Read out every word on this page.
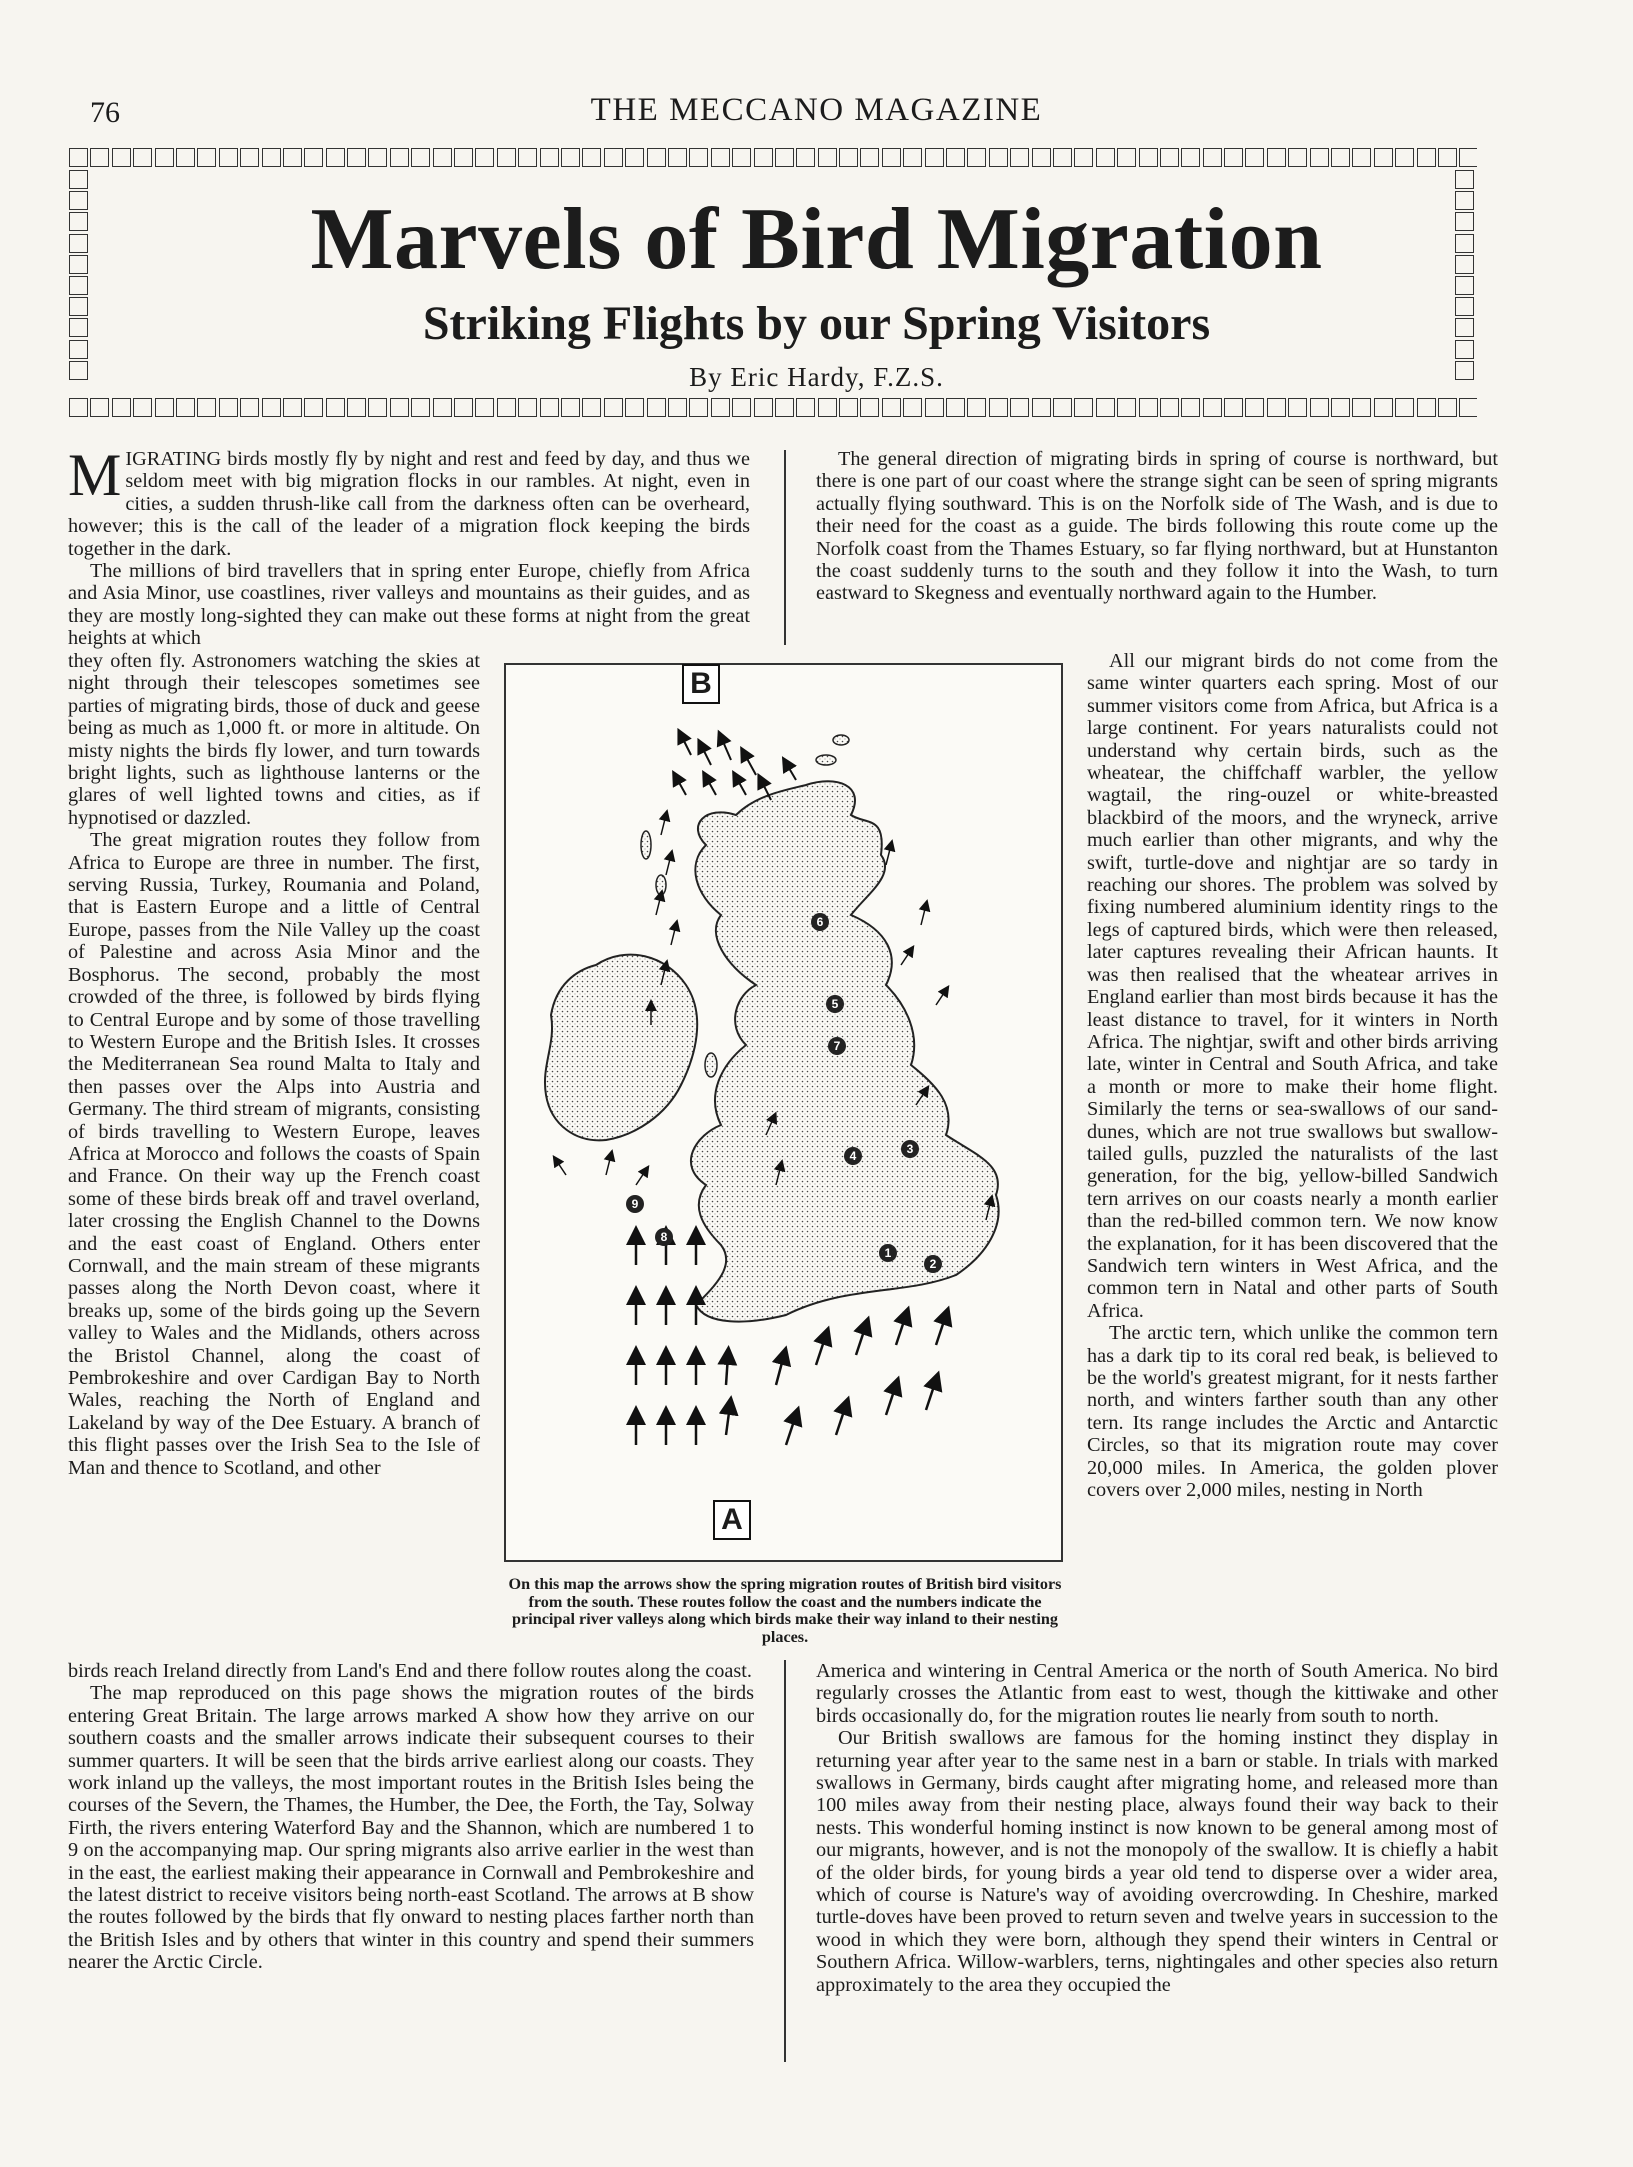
76	THE MECCANO MAGAZINE
Marvels of Bird Migration
Striking Flights by our Spring Visitors
By Eric Hardy, F.Z.S.

MIGRATING birds mostly fly by night and rest and feed by day, and thus we seldom meet with big migration flocks in our rambles. At night, even in cities, a sudden thrush-like call from the darkness often can be overheard, however; this is the call of the leader of a migration flock keeping the birds together in the dark.

The millions of bird travellers that in spring enter Europe, chiefly from Africa and Asia Minor, use coastlines, river valleys and mountains as their guides, and as they are mostly long-sighted they can make out these forms at night from the great heights at which

they often fly. Astronomers watching the skies at night through their telescopes sometimes see parties of migrating birds, those of duck and geese being as much as 1,000 ft. or more in altitude. On misty nights the birds fly lower, and turn towards bright lights, such as lighthouse lanterns or the glares of well lighted towns and cities, as if hypnotised or dazzled.

The great migration routes they follow from Africa to Europe are three in number. The first, serving Russia, Turkey, Roumania and Poland, that is Eastern Europe and a little of Central Europe, passes from the Nile Valley up the coast of Palestine and across Asia Minor and the Bosphorus. The second, probably the most crowded of the three, is followed by birds flying to Central Europe and by some of those travelling to Western Europe and the British Isles. It crosses the Mediterranean Sea round Malta to Italy and then passes over the Alps into Austria and Germany. The third stream of migrants, consisting of birds travelling to Western Europe, leaves Africa at Morocco and follows the coasts of Spain and France. On their way up the French coast some of these birds break off and travel overland, later crossing the English Channel to the Downs and the east coast of England. Others enter Cornwall, and the main stream of these migrants passes along the North Devon coast, where it breaks up, some of the birds going up the Severn valley to Wales and the Midlands, others across the Bristol Channel, along the coast of Pembrokeshire and over Cardigan Bay to North Wales, reaching the North of England and Lakeland by way of the Dee Estuary. A branch of this flight passes over the Irish Sea to the Isle of Man and thence to Scotland, and other

birds reach Ireland directly from Land's End and there follow routes along the coast.

The map reproduced on this page shows the migration routes of the birds entering Great Britain. The large arrows marked A show how they arrive on our southern coasts and the smaller arrows indicate their subsequent courses to their summer quarters. It will be seen that the birds arrive earliest along our coasts. They work inland up the valleys, the most important routes in the British Isles being the courses of the Severn, the Thames, the Humber, the Dee, the Forth, the Tay, Solway Firth, the rivers entering Waterford Bay and the Shannon, which are numbered 1 to 9 on the accompanying map. Our spring migrants also arrive earlier in the west than in the east, the earliest making their appearance in Cornwall and Pembrokeshire and the latest district to receive visitors being north-east Scotland. The arrows at B show the routes followed by the birds that fly onward to nesting places farther north than the British Isles and by others that winter in this country and spend their summers nearer the Arctic Circle.

The general direction of migrating birds in spring of course is northward, but there is one part of our coast where the strange sight can be seen of spring migrants actually flying southward. This is on the Norfolk side of The Wash, and is due to their need for the coast as a guide. The birds following this route come up the Norfolk coast from the Thames Estuary, so far flying northward, but at Hunstanton the coast suddenly turns to the south and they follow it into the Wash, to turn eastward to Skegness and eventually northward again to the Humber.

All our migrant birds do not come from the same winter quarters each spring. Most of our summer visitors come from Africa, but Africa is a large continent. For years naturalists could not understand why certain birds, such as the wheatear, the chiffchaff warbler, the yellow wagtail, the ring-ouzel or white-breasted blackbird of the moors, and the wryneck, arrive much earlier than other migrants, and why the swift, turtle-dove and nightjar are so tardy in reaching our shores. The problem was solved by fixing numbered aluminium identity rings to the legs of captured birds, which were then released, later captures revealing their African haunts. It was then realised that the wheatear arrives in England earlier than most birds because it has the least distance to travel, for it winters in North Africa. The nightjar, swift and other birds arriving late, winter in Central and South Africa, and take a month or more to make their home flight. Similarly the terns or sea-swallows of our sand-dunes, which are not true swallows but swallow-tailed gulls, puzzled the naturalists of the last generation, for the big, yellow-billed Sandwich tern arrives on our coasts nearly a month earlier than the red-billed common tern. We now know the explanation, for it has been discovered that the Sandwich tern winters in West Africa, and the common tern in Natal and other parts of South Africa.

The arctic tern, which unlike the common tern has a dark tip to its coral red beak, is believed to be the world's greatest migrant, for it nests farther north, and winters farther south than any other tern. Its range includes the Arctic and Antarctic Circles, so that its migration route may cover 20,000 miles. In America, the golden plover covers over 2,000 miles, nesting in North

America and wintering in Central America or the north of South America. No bird regularly crosses the Atlantic from east to west, though the kittiwake and other birds occasionally do, for the migration routes lie nearly from south to north.

Our British swallows are famous for the homing instinct they display in returning year after year to the same nest in a barn or stable. In trials with marked swallows in Germany, birds caught after migrating home, and released more than 100 miles away from their nesting place, always found their way back to their nests. This wonderful homing instinct is now known to be general among most of our migrants, however, and is not the monopoly of the swallow. It is chiefly a habit of the older birds, for young birds a year old tend to disperse over a wider area, which of course is Nature's way of avoiding overcrowding. In Cheshire, marked turtle-doves have been proved to return seven and twelve years in succession to the wood in which they were born, although they spend their winters in Central or Southern Africa. Willow-warblers, terns, nightingales and other species also return approximately to the area they occupied the

B
A
1
2
3
4
5
6
7
8
9
On this map the arrows show the spring migration routes of British bird visitors from the south. These routes follow the coast and the numbers indicate the principal river valleys along which birds make their way inland to their nesting places.
